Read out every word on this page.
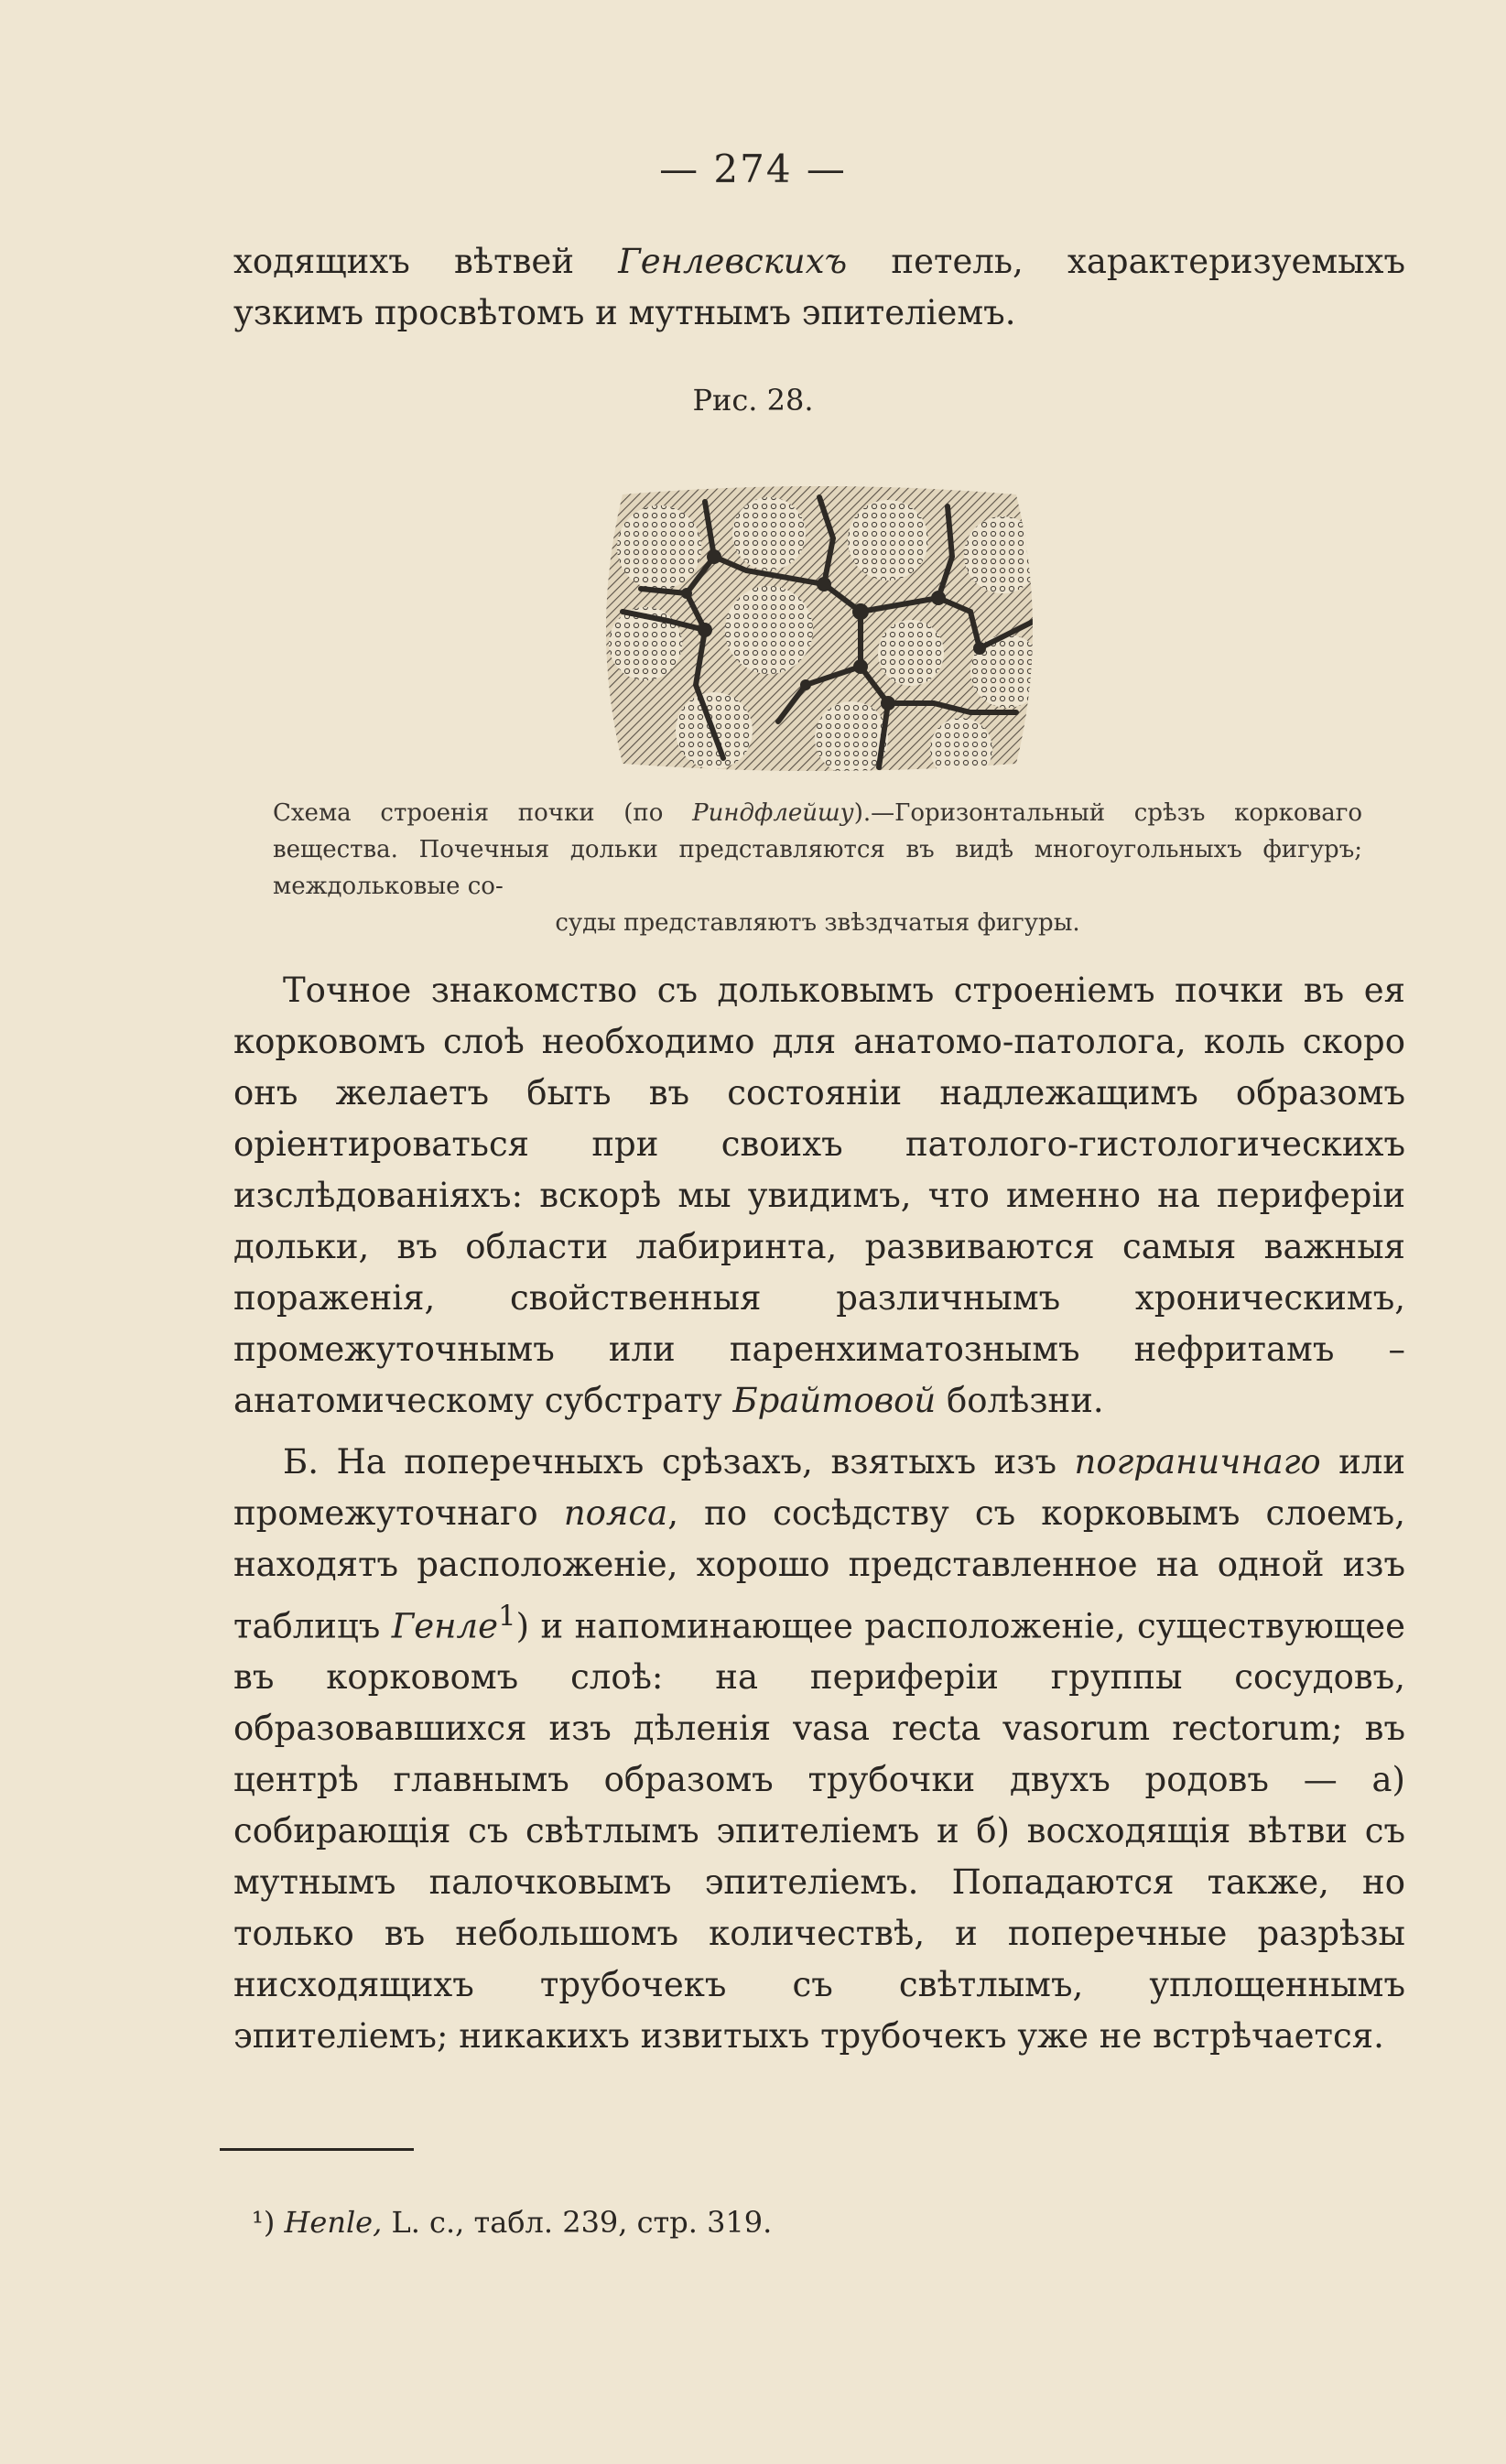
— 274 —

ходящихъ вѣтвей Генлевскихъ петель, характеризуемыхъ узкимъ просвѣтомъ и мутнымъ эпителіемъ.

Рис. 28.

Схема строенія почки (по Риндфлейшу).—Горизонтальный срѣзъ корковаго вещества. Почечныя дольки представляются въ видѣ многоугольныхъ фигуръ; междольковые со-
суды представляютъ звѣздчатыя фигуры.

Точное знакомство съ дольковымъ строеніемъ почки въ ея корковомъ слоѣ необходимо для анатомо-патолога, коль скоро онъ желаетъ быть въ состояніи надлежащимъ образомъ оріентироваться при своихъ патолого-гистологическихъ изслѣдованіяхъ: вскорѣ мы увидимъ, что именно на периферіи дольки, въ области лабиринта, развиваются самыя важныя пораженія, свойственныя различнымъ хроническимъ, промежуточнымъ или паренхиматознымъ нефритамъ – анатомическому субстрату Брайтовой болѣзни.

Б. На поперечныхъ срѣзахъ, взятыхъ изъ пограничнаго или промежуточнаго пояса, по сосѣдству съ корковымъ слоемъ, находятъ расположеніе, хорошо представленное на одной изъ таблицъ Генле$^1$) и напоминающее расположеніе, существующее въ корковомъ слоѣ: на периферіи группы сосудовъ, образовавшихся изъ дѣленія vasa recta vasorum rectorum; въ центрѣ главнымъ образомъ трубочки двухъ родовъ — а) собирающія съ свѣтлымъ эпителіемъ и б) восходящія вѣтви съ мутнымъ палочковымъ эпителіемъ. Попадаются также, но только въ небольшомъ количествѣ, и поперечные разрѣзы нисходящихъ трубочекъ съ свѣтлымъ, уплощеннымъ эпителіемъ; никакихъ извитыхъ трубочекъ уже не встрѣчается.

¹) Henle, L. c., табл. 239, стр. 319.
